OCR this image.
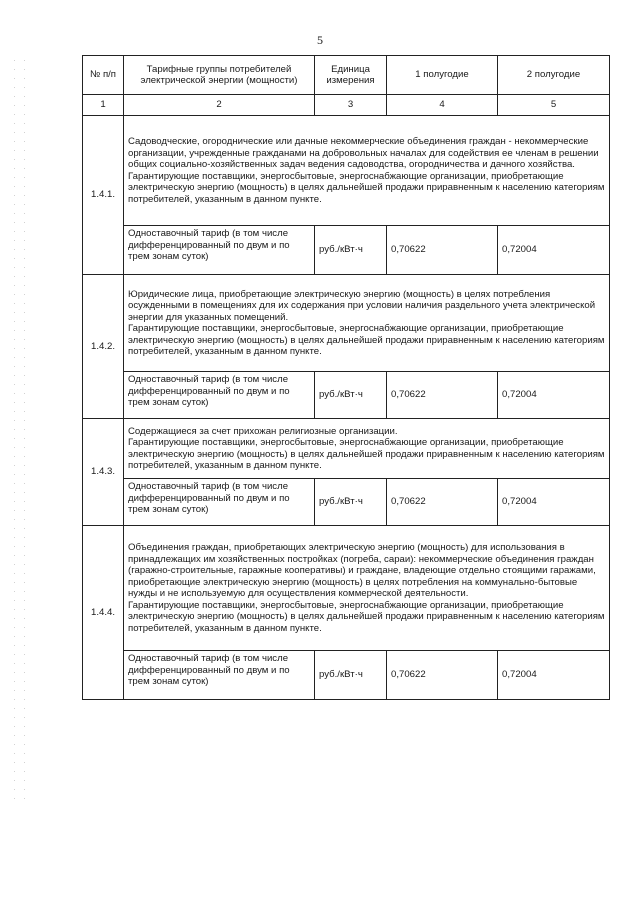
5
№ п/п	Тарифные группы потребителей электрической энергии (мощности)	Единица измерения	1 полугодие	2 полугодие
1	2	3	4	5
1.4.1.	Садоводческие, огороднические или дачные некоммерческие объединения граждан - некоммерческие организации, учрежденные гражданами на добровольных началах для содействия ее членам в решении общих социально-хозяйственных задач ведения садоводства, огородничества и дачного хозяйства.

Гарантирующие поставщики, энергосбытовые, энергоснабжающие организации, приобретающие электрическую энергию (мощность) в целях дальнейшей продажи приравненным к населению категориям потребителей, указанным в данном пункте.			

	Одноставочный тариф (в том числе дифференцированный по двум и по трем зонам суток)	руб./кВт·ч	0,70622	0,72004
1.4.2.	Юридические лица, приобретающие электрическую энергию (мощность) в целях потребления осужденными в помещениях для их содержания при условии наличия раздельного учета электрической энергии для указанных помещений.

Гарантирующие поставщики, энергосбытовые, энергоснабжающие организации, приобретающие электрическую энергию (мощность) в целях дальнейшей продажи приравненным к населению категориям потребителей, указанным в данном пункте.			

	Одноставочный тариф (в том числе дифференцированный по двум и по трем зонам суток)	руб./кВт·ч	0,70622	0,72004
1.4.3.	Содержащиеся за счет прихожан религиозные организации.

Гарантирующие поставщики, энергосбытовые, энергоснабжающие организации, приобретающие электрическую энергию (мощность) в целях дальнейшей продажи приравненным к населению категориям потребителей, указанным в данном пункте.			

	Одноставочный тариф (в том числе дифференцированный по двум и по трем зонам суток)	руб./кВт·ч	0,70622	0,72004
1.4.4.	Объединения граждан, приобретающих электрическую энергию (мощность) для использования в принадлежащих им хозяйственных постройках (погреба, сараи): некоммерческие объединения граждан (гаражно-строительные, гаражные кооперативы) и граждане, владеющие отдельно стоящими гаражами, приобретающие электрическую энергию (мощность) в целях потребления на коммунально-бытовые нужды и не используемую для осуществления коммерческой деятельности.

Гарантирующие поставщики, энергосбытовые, энергоснабжающие организации, приобретающие электрическую энергию (мощность) в целях дальнейшей продажи приравненным к населению категориям потребителей, указанным в данном пункте.			

	Одноставочный тариф (в том числе дифференцированный по двум и по трем зонам суток)	руб./кВт·ч	0,70622	0,72004
